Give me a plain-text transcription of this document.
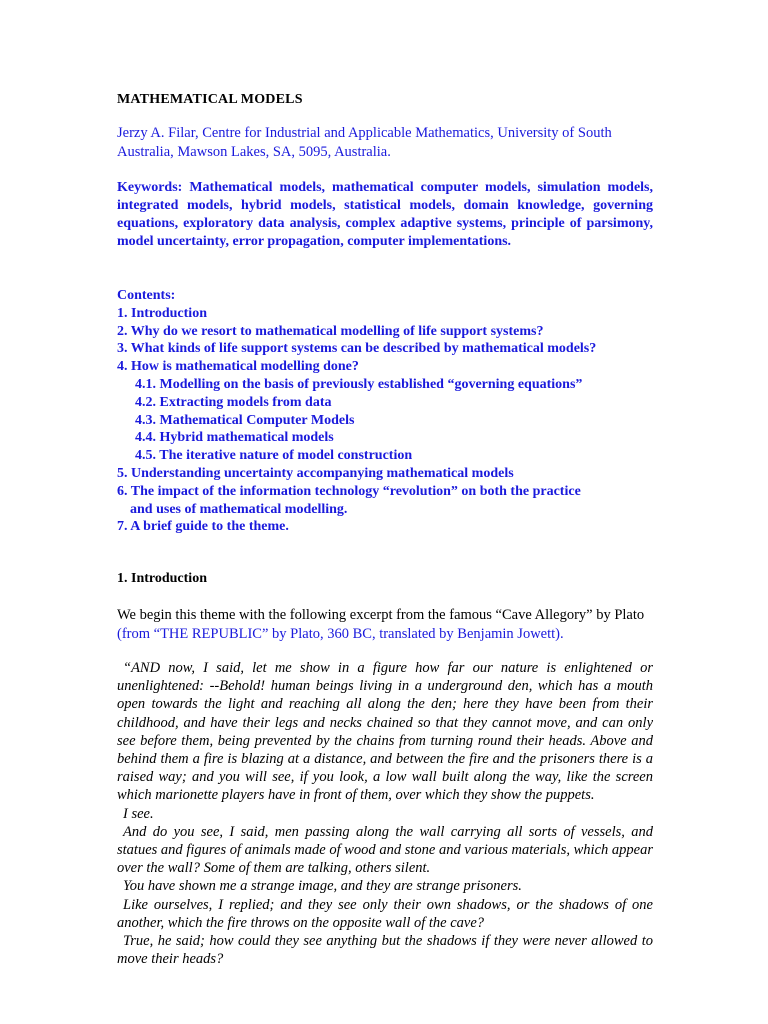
MATHEMATICAL MODELS
Jerzy A. Filar, Centre for Industrial and Applicable Mathematics, University of South Australia, Mawson Lakes, SA, 5095, Australia.
Keywords: Mathematical models, mathematical computer models, simulation models, integrated models, hybrid models, statistical models, domain knowledge, governing equations, exploratory data analysis, complex adaptive systems, principle of parsimony, model uncertainty, error propagation, computer implementations.
Contents:
1. Introduction
2. Why do we resort to mathematical modelling of life support systems?
3. What kinds of life support systems can be described by mathematical models?
4. How is mathematical modelling done?
4.1. Modelling on the basis of previously established “governing equations”
4.2. Extracting models from data
4.3. Mathematical Computer Models
4.4. Hybrid mathematical models
4.5. The iterative nature of model construction
5. Understanding uncertainty accompanying mathematical models
6. The impact of the information technology “revolution” on both the practice
and uses of mathematical modelling.
7. A brief guide to the theme.
1. Introduction
We begin this theme with the following excerpt from the famous “Cave Allegory” by Plato (from “THE REPUBLIC” by Plato, 360 BC, translated by Benjamin Jowett).
“AND now, I said, let me show in a figure how far our nature is enlightened or unenlightened: --Behold! human beings living in a underground den, which has a mouth open towards the light and reaching all along the den; here they have been from their childhood, and have their legs and necks chained so that they cannot move, and can only see before them, being prevented by the chains from turning round their heads. Above and behind them a fire is blazing at a distance, and between the fire and the prisoners there is a raised way; and you will see, if you look, a low wall built along the way, like the screen which marionette players have in front of them, over which they show the puppets.
I see.
And do you see, I said, men passing along the wall carrying all sorts of vessels, and statues and figures of animals made of wood and stone and various materials, which appear over the wall? Some of them are talking, others silent.
You have shown me a strange image, and they are strange prisoners.
Like ourselves, I replied; and they see only their own shadows, or the shadows of one another, which the fire throws on the opposite wall of the cave?
True, he said; how could they see anything but the shadows if they were never allowed to move their heads?
